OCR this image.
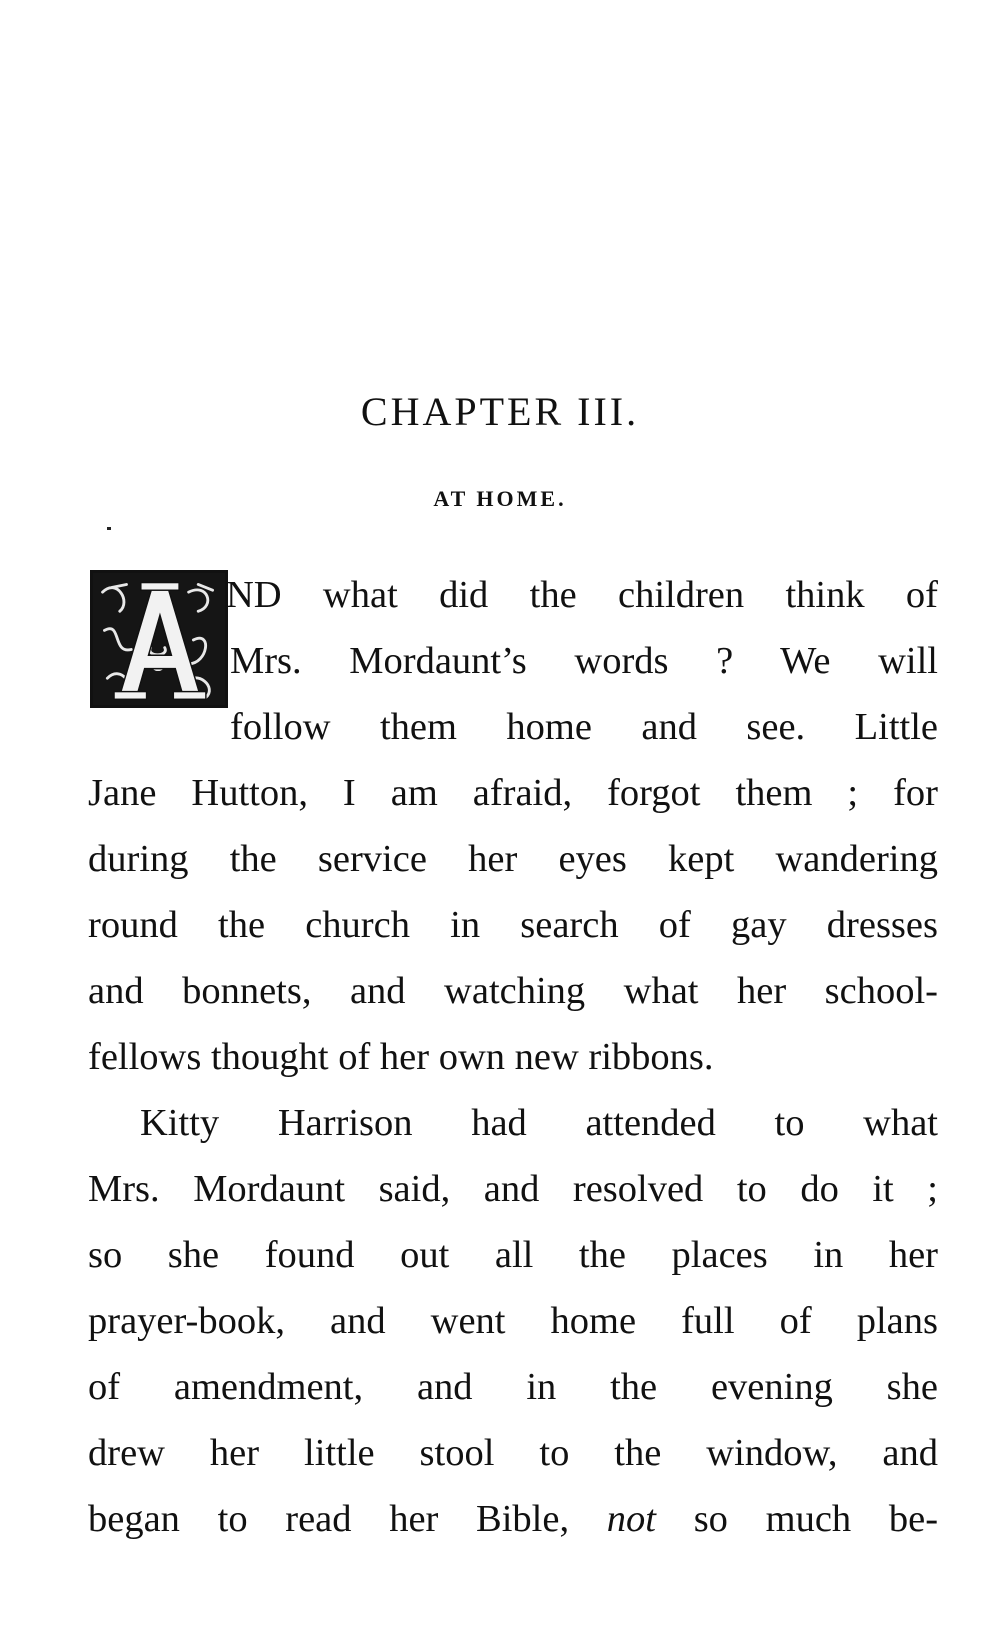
CHAPTER III.
AT HOME.
ND what did the children think of
Mrs. Mordaunt’s words ? We will
follow them home and see. Little
Jane Hutton, I am afraid, forgot them ; for
during the service her eyes kept wandering
round the church in search of gay dresses
and bonnets, and watching what her school-
fellows thought of her own new ribbons.
Kitty Harrison had attended to what
Mrs. Mordaunt said, and resolved to do it ;
so she found out all the places in her
prayer-book, and went home full of plans
of amendment, and in the evening she
drew her little stool to the window, and
began to read her Bible, not so much be-
